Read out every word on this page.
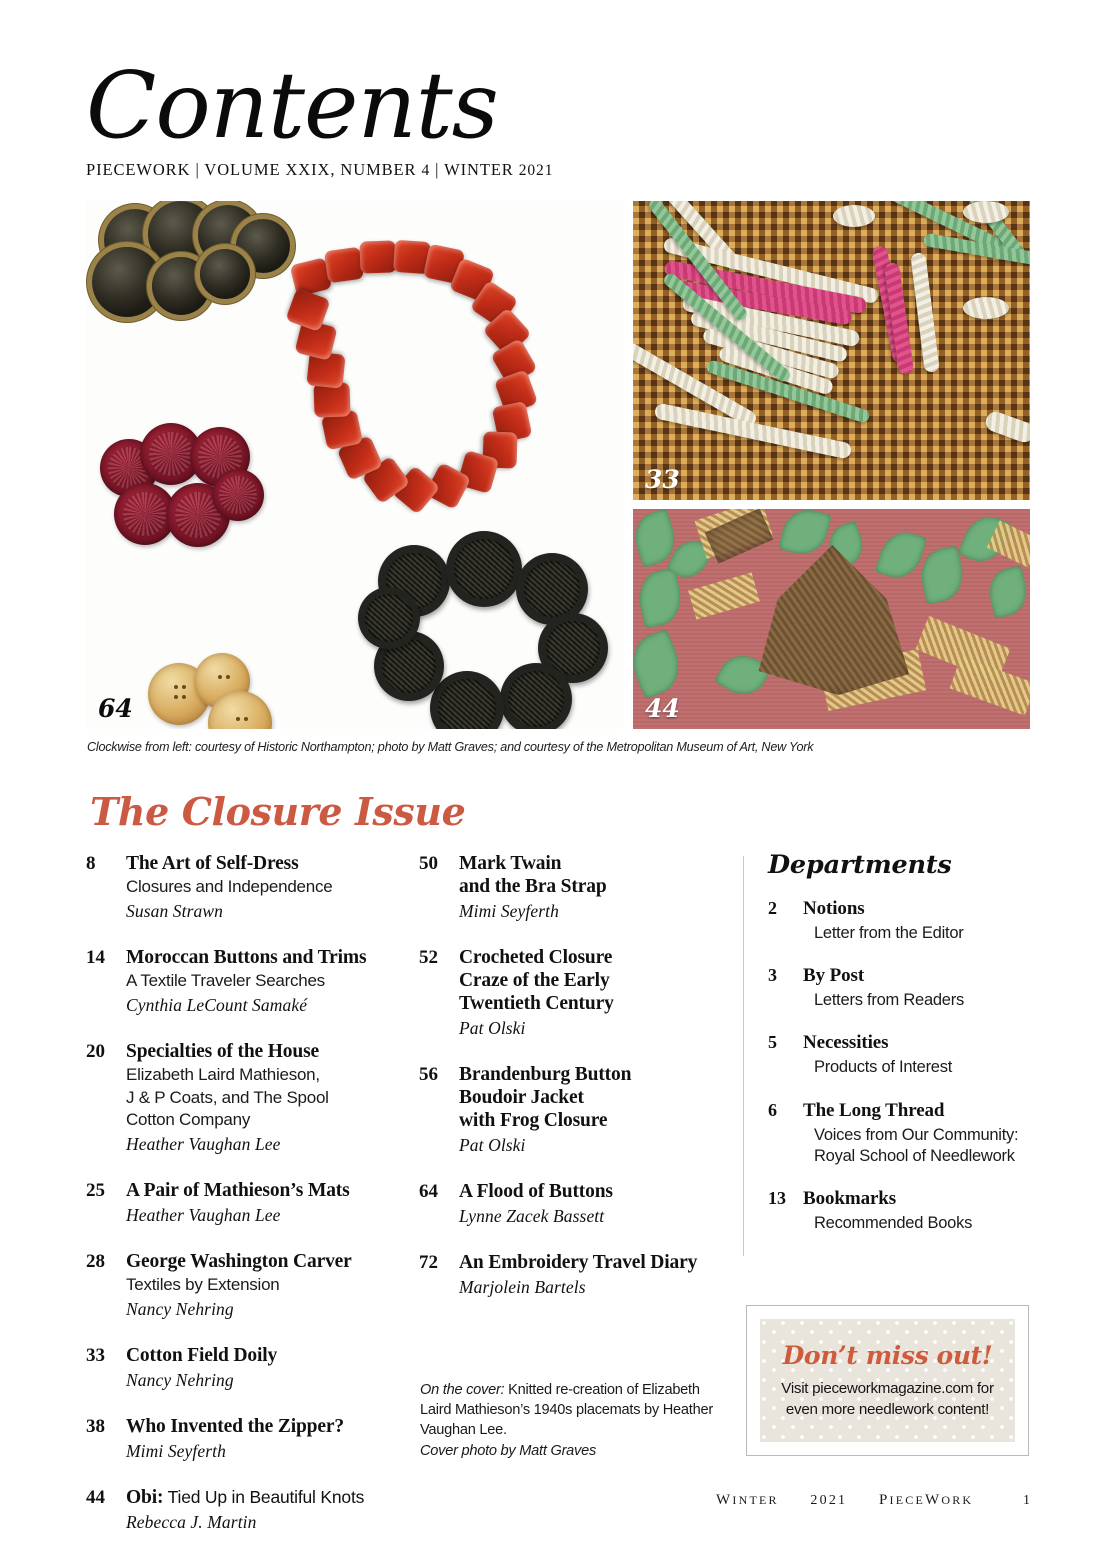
Contents
PIECEWORK | VOLUME XXIX, NUMBER 4 | WINTER 2021
64
33
44
Clockwise from left: courtesy of Historic Northampton; photo by Matt Graves; and courtesy of the Metropolitan Museum of Art, New York
The Closure Issue
8	The Art of Self-Dress
Closures and Independence
Susan Strawn
14	Moroccan Buttons and Trims
A Textile Traveler Searches
Cynthia LeCount Samaké
20	Specialties of the House
Elizabeth Laird Mathieson,
J & P Coats, and The Spool
Cotton Company
Heather Vaughan Lee
25	A Pair of Mathieson’s Mats
Heather Vaughan Lee
28	George Washington Carver
Textiles by Extension
Nancy Nehring
33	Cotton Field Doily
Nancy Nehring
38	Who Invented the Zipper?
Mimi Seyferth
44	Obi: Tied Up in Beautiful Knots
Rebecca J. Martin
50	Mark Twain
and the Bra Strap
Mimi Seyferth
52	Crocheted Closure
Craze of the Early
Twentieth Century
Pat Olski
56	Brandenburg Button
Boudoir Jacket
with Frog Closure
Pat Olski
64	A Flood of Buttons
Lynne Zacek Bassett
72	An Embroidery Travel Diary
Marjolein Bartels
Departments
2	Notions
Letter from the Editor
3	By Post
Letters from Readers
5	Necessities
Products of Interest
6	The Long Thread
Voices from Our Community:
Royal School of Needlework
13 Bookmarks
Recommended Books
On the cover: Knitted re-creation of Elizabeth Laird Mathieson’s 1940s placemats by Heather Vaughan Lee.
Cover photo by Matt Graves
Don’t miss out!
Visit pieceworkmagazine.com for even more needlework content!
WINTER 2021 PIECEWORK	1
